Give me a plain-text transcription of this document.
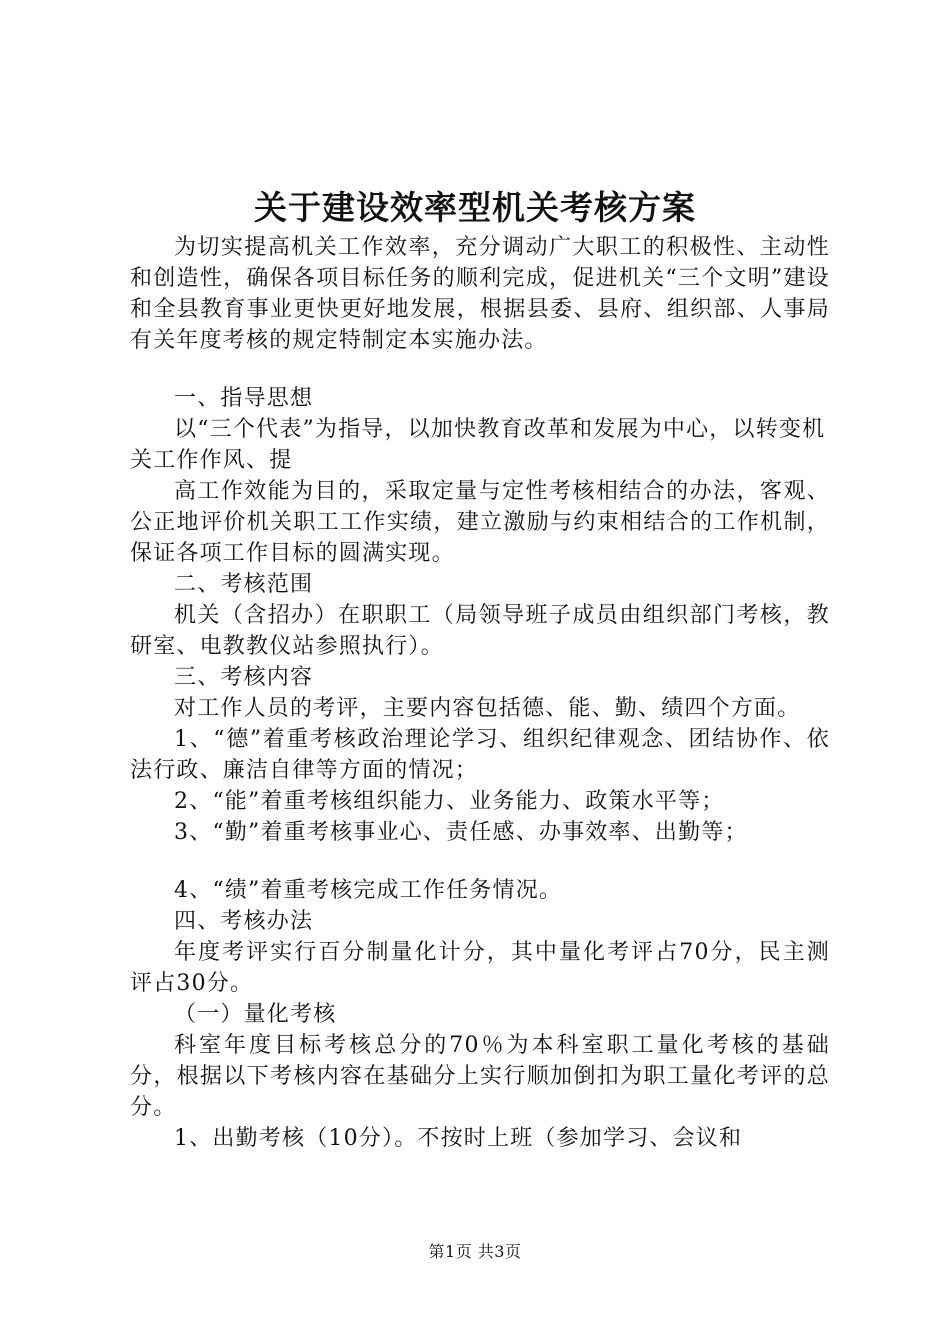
关于建设效率型机关考核方案

为切实提高机关工作效率，充分调动广大职工的积极性、主动性和创造性，确保各项目标任务的顺利完成，促进机关“三个文明”建设和全县教育事业更快更好地发展，根据县委、县府、组织部、人事局有关年度考核的规定特制定本实施办法。

一、指导思想

以“三个代表”为指导，以加快教育改革和发展为中心，以转变机关工作作风、提

高工作效能为目的，采取定量与定性考核相结合的办法，客观、公正地评价机关职工工作实绩，建立激励与约束相结合的工作机制，保证各项工作目标的圆满实现。

二、考核范围

机关（含招办）在职职工（局领导班子成员由组织部门考核，教研室、电教教仪站参照执行）。

三、考核内容

对工作人员的考评，主要内容包括德、能、勤、绩四个方面。

1、“德”着重考核政治理论学习、组织纪律观念、团结协作、依法行政、廉洁自律等方面的情况；

2、“能”着重考核组织能力、业务能力、政策水平等；

3、“勤”着重考核事业心、责任感、办事效率、出勤等；

4、“绩”着重考核完成工作任务情况。

四、考核办法

年度考评实行百分制量化计分，其中量化考评占70分，民主测评占30分。

（一）量化考核

科室年度目标考核总分的70％为本科室职工量化考核的基础分，根据以下考核内容在基础分上实行顺加倒扣为职工量化考评的总分。

1、出勤考核（10分）。不按时上班（参加学习、会议和

第1页 共3页
